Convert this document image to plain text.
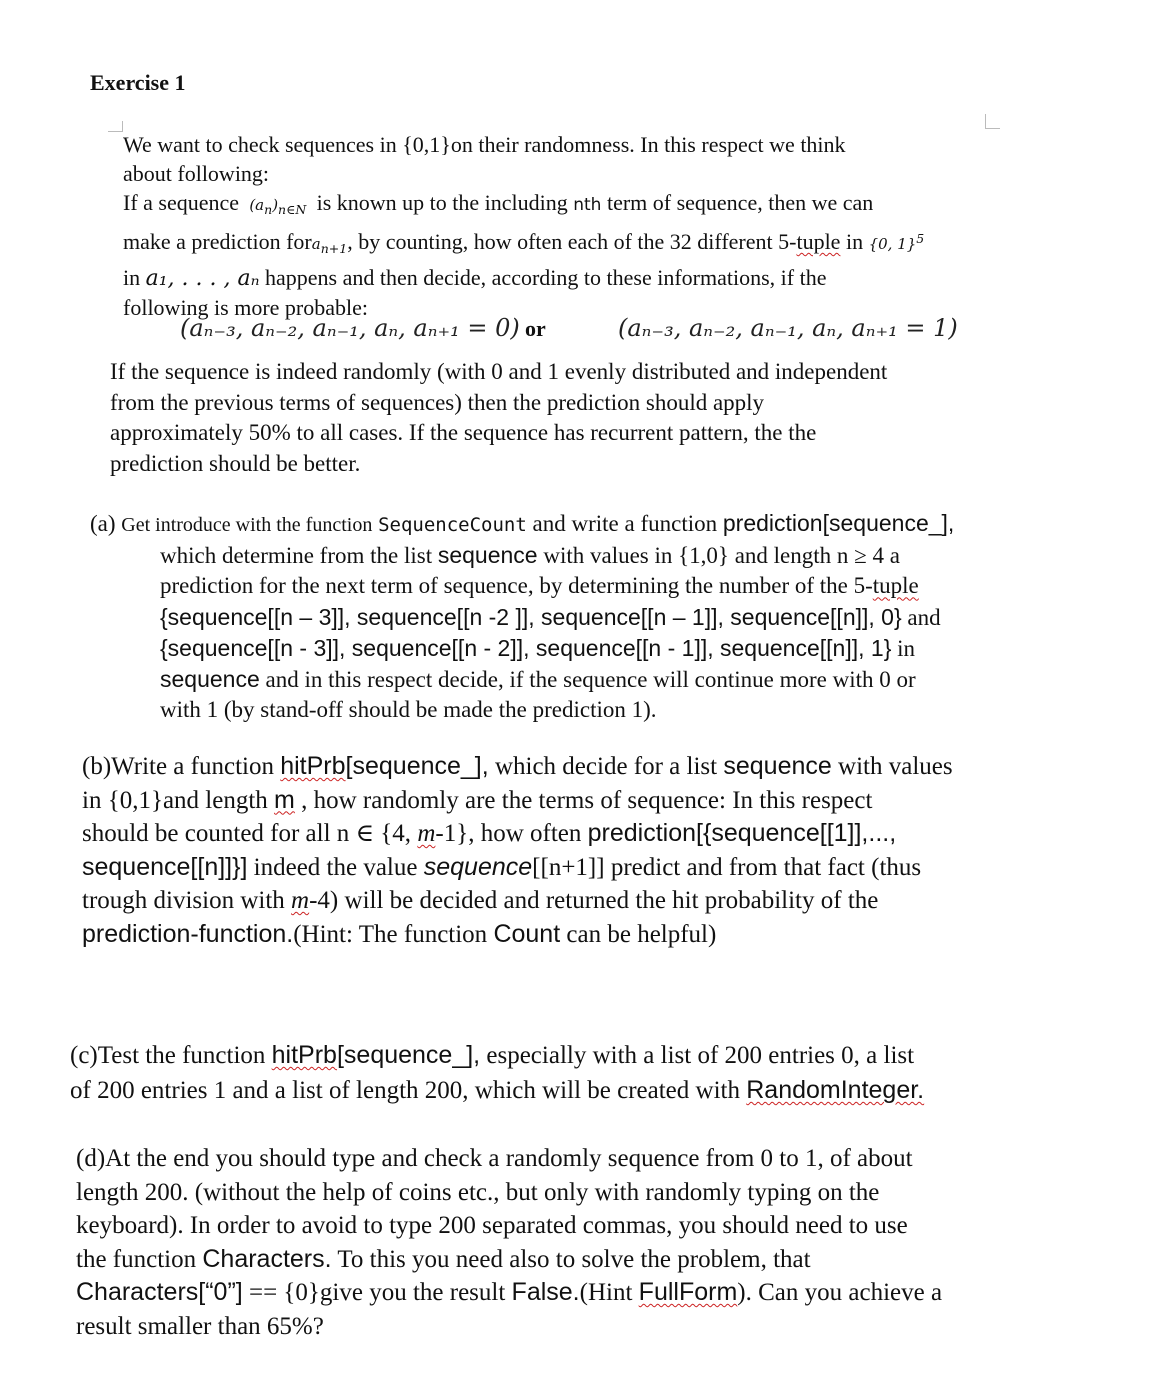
Exercise 1

We want to check sequences in {0,1}on their randomness. In this respect we think

about following:

If a sequence $(a_n)_{n\in N}$ is known up to the including nth term of sequence, then we can

make a prediction fora$_{n+1}$, by counting, how often each of the 32 different 5-tuple in {0, 1}$^5$

in a₁, . . . , aₙ happens and then decide, according to these informations, if the

following is more probable:

(aₙ₋₃, aₙ₋₂, aₙ₋₁, aₙ, aₙ₊₁ = 0) or	(aₙ₋₃, aₙ₋₂, aₙ₋₁, aₙ, aₙ₊₁ = 1)

If the sequence is indeed randomly (with 0 and 1 evenly distributed and independent

from the previous terms of sequences) then the prediction should apply

approximately 50% to all cases. If the sequence has recurrent pattern, the the

prediction should be better.

(a) Get introduce with the function SequenceCount and write a function prediction[sequence_],
which determine from the list sequence with values in {1,0} and length n ≥ 4 a
prediction for the next term of sequence, by determining the number of the 5-tuple
{sequence[[n – 3]], sequence[[n -2 ]], sequence[[n – 1]], sequence[[n]], 0} and
{sequence[[n - 3]], sequence[[n - 2]], sequence[[n - 1]], sequence[[n]], 1} in
sequence and in this respect decide, if the sequence will continue more with 0 or
with 1 (by stand-off should be made the prediction 1).
(b)Write a function hitPrb[sequence_], which decide for a list sequence with values
in {0,1}and length m , how randomly are the terms of sequence: In this respect
should be counted for all n ∈ {4, m-1}, how often prediction[{sequence[[1]],...,
sequence[[n]]}] indeed the value sequence[[n+1]] predict and from that fact (thus
trough division with m-4) will be decided and returned the hit probability of the
prediction-function.(Hint: The function Count can be helpful)
(c)Test the function hitPrb[sequence_], especially with a list of 200 entries 0, a list
of 200 entries 1 and a list of length 200, which will be created with RandomInteger.
(d)At the end you should type and check a randomly sequence from 0 to 1, of about
length 200. (without the help of coins etc., but only with randomly typing on the
keyboard). In order to avoid to type 200 separated commas, you should need to use
the function Characters. To this you need also to solve the problem, that
Characters[“0”] == {0}give you the result False.(Hint FullForm). Can you achieve a
result smaller than 65%?
